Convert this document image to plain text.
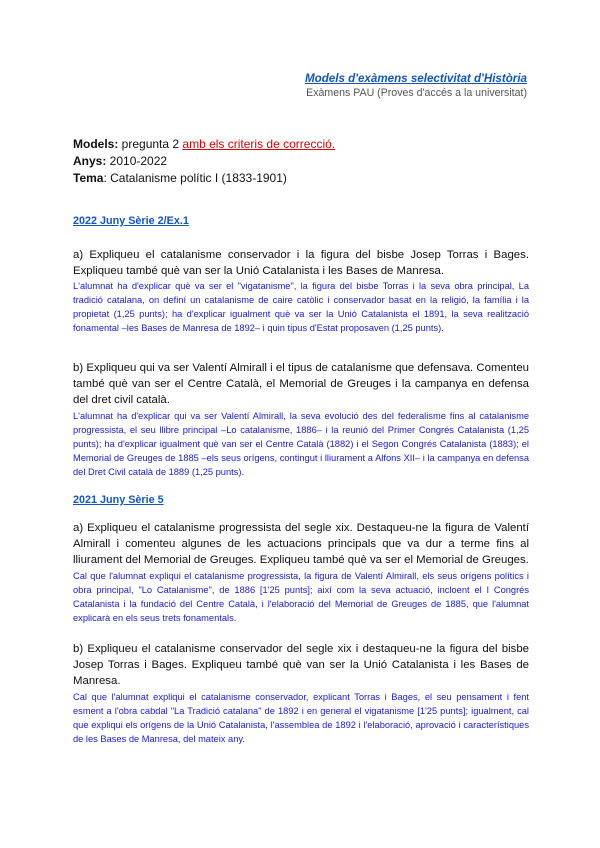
Models d'exàmens selectivitat d'Història
Exàmens PAU (Proves d'accés a la universitat)
Models: pregunta 2 amb els criteris de correcció.
Anys: 2010-2022
Tema: Catalanisme polític I (1833-1901)
2022 Juny Sèrie 2/Ex.1

a) Expliqueu el catalanisme conservador i la figura del bisbe Josep Torras i Bages. Expliqueu també què van ser la Unió Catalanista i les Bases de Manresa.

L'alumnat ha d'explicar què va ser el "vigatanisme", la figura del bisbe Torras i la seva obra principal, La tradició catalana, on definí un catalanisme de caire catòlic i conservador basat en la religió, la família i la propietat (1,25 punts); ha d'explicar igualment què va ser la Unió Catalanista el 1891, la seva realització fonamental –les Bases de Manresa de 1892– i quin tipus d'Estat proposaven (1,25 punts).

b) Expliqueu qui va ser Valentí Almirall i el tipus de catalanisme que defensava. Comenteu també què van ser el Centre Català, el Memorial de Greuges i la campanya en defensa del dret civil català.

L'alumnat ha d'explicar qui va ser Valentí Almirall, la seva evolució des del federalisme fins al catalanisme progressista, el seu llibre principal –Lo catalanisme, 1886– i la reunió del Primer Congrés Catalanista (1,25 punts); ha d'explicar igualment què van ser el Centre Català (1882) i el Segon Congrés Catalanista (1883); el Memorial de Greuges de 1885 –els seus orígens, contingut i lliurament a Alfons XII– i la campanya en defensa del Dret Civil català de 1889 (1,25 punts).

2021 Juny Sèrie 5

a) Expliqueu el catalanisme progressista del segle xix. Destaqueu-ne la figura de Valentí Almirall i comenteu algunes de les actuacions principals que va dur a terme fins al lliurament del Memorial de Greuges. Expliqueu també què va ser el Memorial de Greuges.

Cal que l'alumnat expliqui el catalanisme progressista, la figura de Valentí Almirall, els seus orígens polítics i obra principal, "Lo Catalanisme", de 1886 [1'25 punts]; així com la seva actuació, incloent el I Congrés Catalanista i la fundació del Centre Català, i l'elaboració del Memorial de Greuges de 1885, que l'alumnat explicarà en els seus trets fonamentals.

b) Expliqueu el catalanisme conservador del segle xix i destaqueu-ne la figura del bisbe Josep Torras i Bages. Expliqueu també què van ser la Unió Catalanista i les Bases de Manresa.

Cal que l'alumnat expliqui el catalanisme conservador, explicant Torras i Bages, el seu pensament i fent esment a l'obra cabdal "La Tradició catalana" de 1892 i en general el vigatanisme [1'25 punts]; igualment, cal que expliqui els orígens de la Unió Catalanista, l'assemblea de 1892 i l'elaboració, aprovació i característiques de les Bases de Manresa, del mateix any.
